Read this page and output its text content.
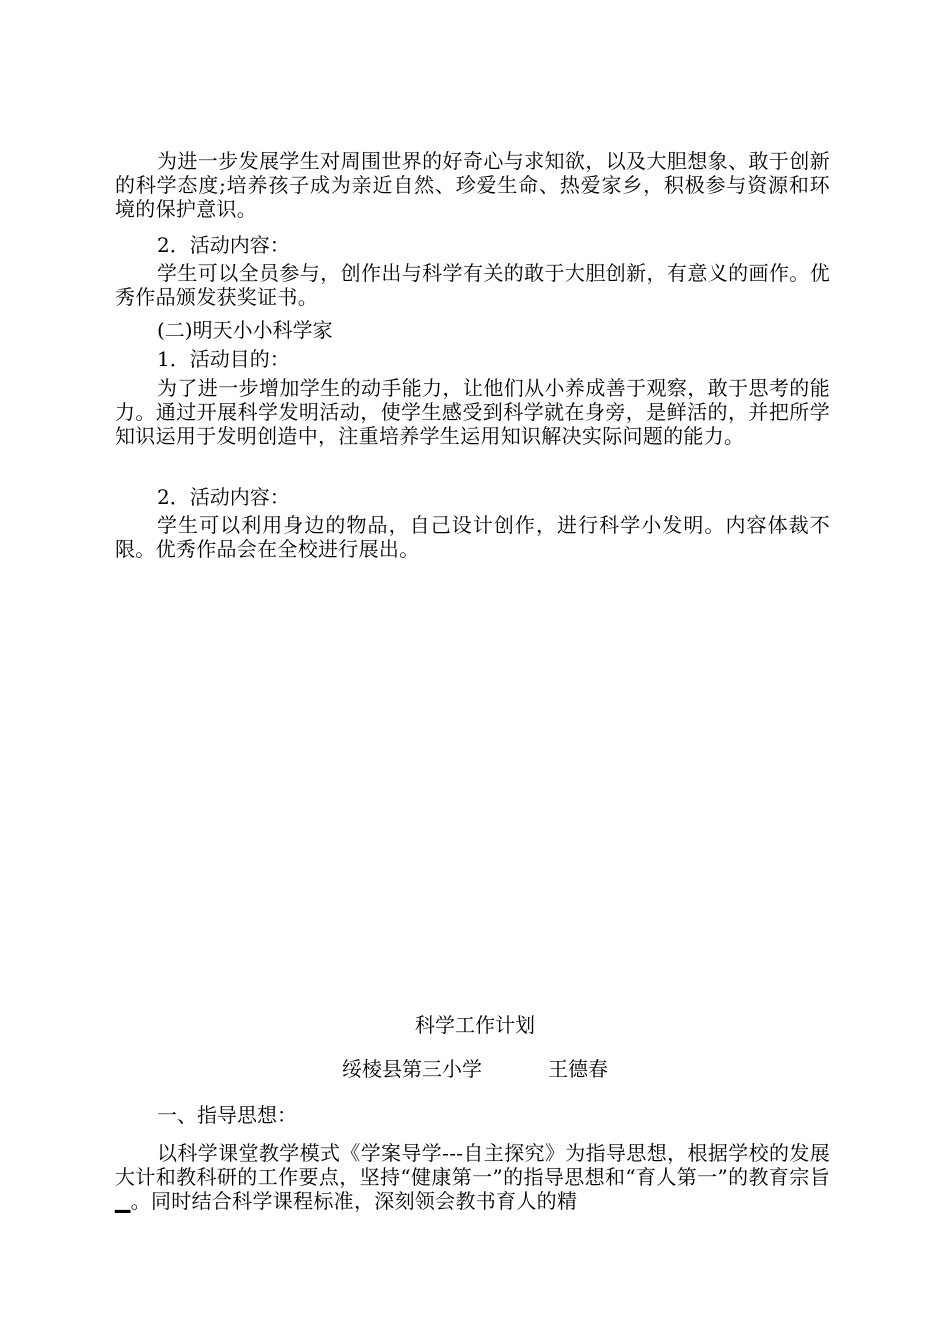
为进一步发展学生对周围世界的好奇心与求知欲，以及大胆想象、敢于创新的科学态度;培养孩子成为亲近自然、珍爱生命、热爱家乡，积极参与资源和环境的保护意识。

2．活动内容：

学生可以全员参与，创作出与科学有关的敢于大胆创新，有意义的画作。优秀作品颁发获奖证书。

(二)明天小小科学家

1．活动目的：

为了进一步增加学生的动手能力，让他们从小养成善于观察，敢于思考的能力。通过开展科学发明活动，使学生感受到科学就在身旁，是鲜活的，并把所学知识运用于发明创造中，注重培养学生运用知识解决实际问题的能力。

2．活动内容：

学生可以利用身边的物品，自己设计创作，进行科学小发明。内容体裁不限。优秀作品会在全校进行展出。

科学工作计划

绥棱县第三小学	王德春

一、指导思想：

以科学课堂教学模式《学案导学---自主探究》为指导思想，根据学校的发展大计和教科研的工作要点，坚持“健康第一”的指导思想和“育人第一”的教育宗旨▁。同时结合科学课程标准，深刻领会教书育人的精
